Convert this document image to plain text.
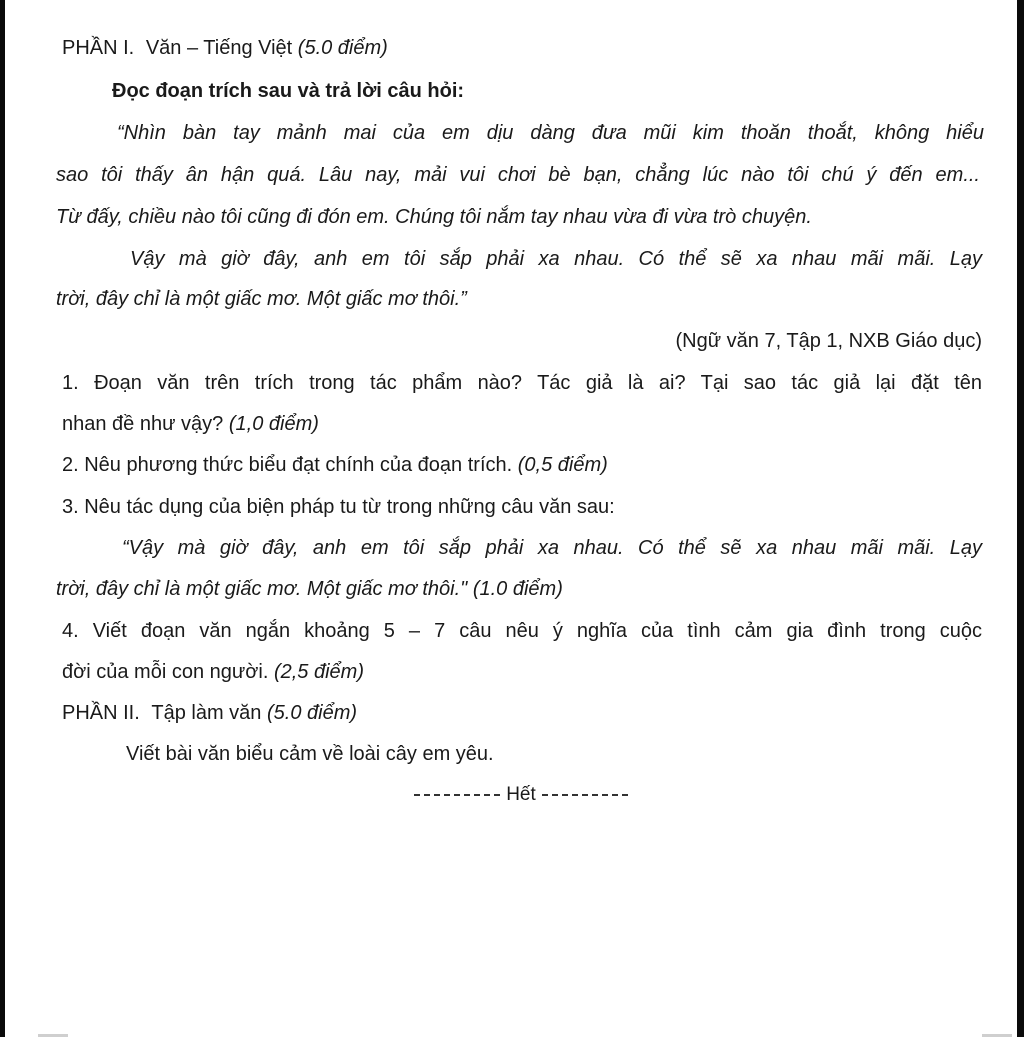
PHẦN I. Văn – Tiếng Việt (5.0 điểm)
Đọc đoạn trích sau và trả lời câu hỏi:
“Nhìn bàn tay mảnh mai của em dịu dàng đưa mũi kim thoăn thoắt, không hiểu
sao tôi thấy ân hận quá. Lâu nay, mải vui chơi bè bạn, chẳng lúc nào tôi chú ý đến em...
Từ đấy, chiều nào tôi cũng đi đón em. Chúng tôi nắm tay nhau vừa đi vừa trò chuyện.
Vậy mà giờ đây, anh em tôi sắp phải xa nhau. Có thể sẽ xa nhau mãi mãi. Lạy
trời, đây chỉ là một giấc mơ. Một giấc mơ thôi.”
(Ngữ văn 7, Tập 1, NXB Giáo dục)
1. Đoạn văn trên trích trong tác phẩm nào? Tác giả là ai? Tại sao tác giả lại đặt tên
nhan đề như vậy? (1,0 điểm)
2. Nêu phương thức biểu đạt chính của đoạn trích. (0,5 điểm)
3. Nêu tác dụng của biện pháp tu từ trong những câu văn sau:
“Vậy mà giờ đây, anh em tôi sắp phải xa nhau. Có thể sẽ xa nhau mãi mãi. Lạy
trời, đây chỉ là một giấc mơ. Một giấc mơ thôi." (1.0 điểm)
4. Viết đoạn văn ngắn khoảng 5 – 7 câu nêu ý nghĩa của tình cảm gia đình trong cuộc
đời của mỗi con người. (2,5 điểm)
PHẦN II. Tập làm văn (5.0 điểm)
Viết bài văn biểu cảm về loài cây em yêu.
Hết
